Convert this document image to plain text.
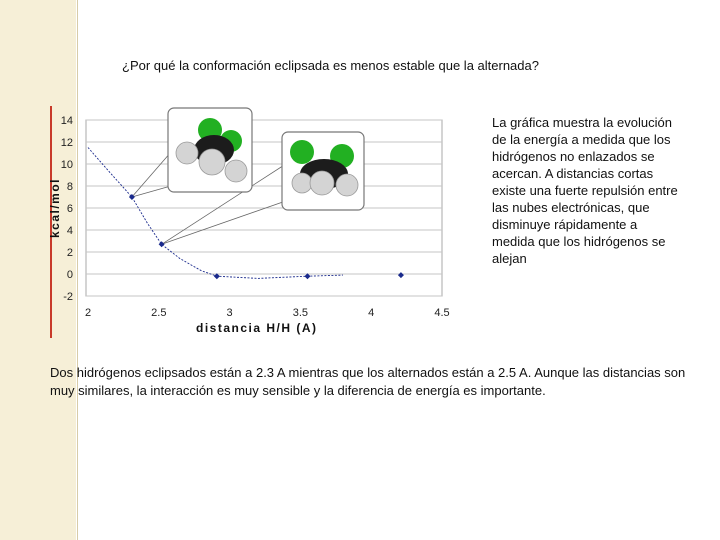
¿Por qué la conformación eclipsada es menos estable que la alternada?
-2
0
2
4
6
8
10
12
14
2	2.5	3	3.5	4	4.5
kcal/mol
distancia H/H (A)
La gráfica muestra la evolución de la energía a medida que los hidrógenos no enlazados se acercan. A distancias cortas existe una fuerte repulsión entre las nubes electrónicas, que disminuye rápidamente a medida que los hidrógenos se alejan
Dos hidrógenos eclipsados están a 2.3 A mientras que los alternados están a 2.5 A. Aunque las distancias son muy similares, la interacción es muy sensible y la diferencia de energía es importante.
